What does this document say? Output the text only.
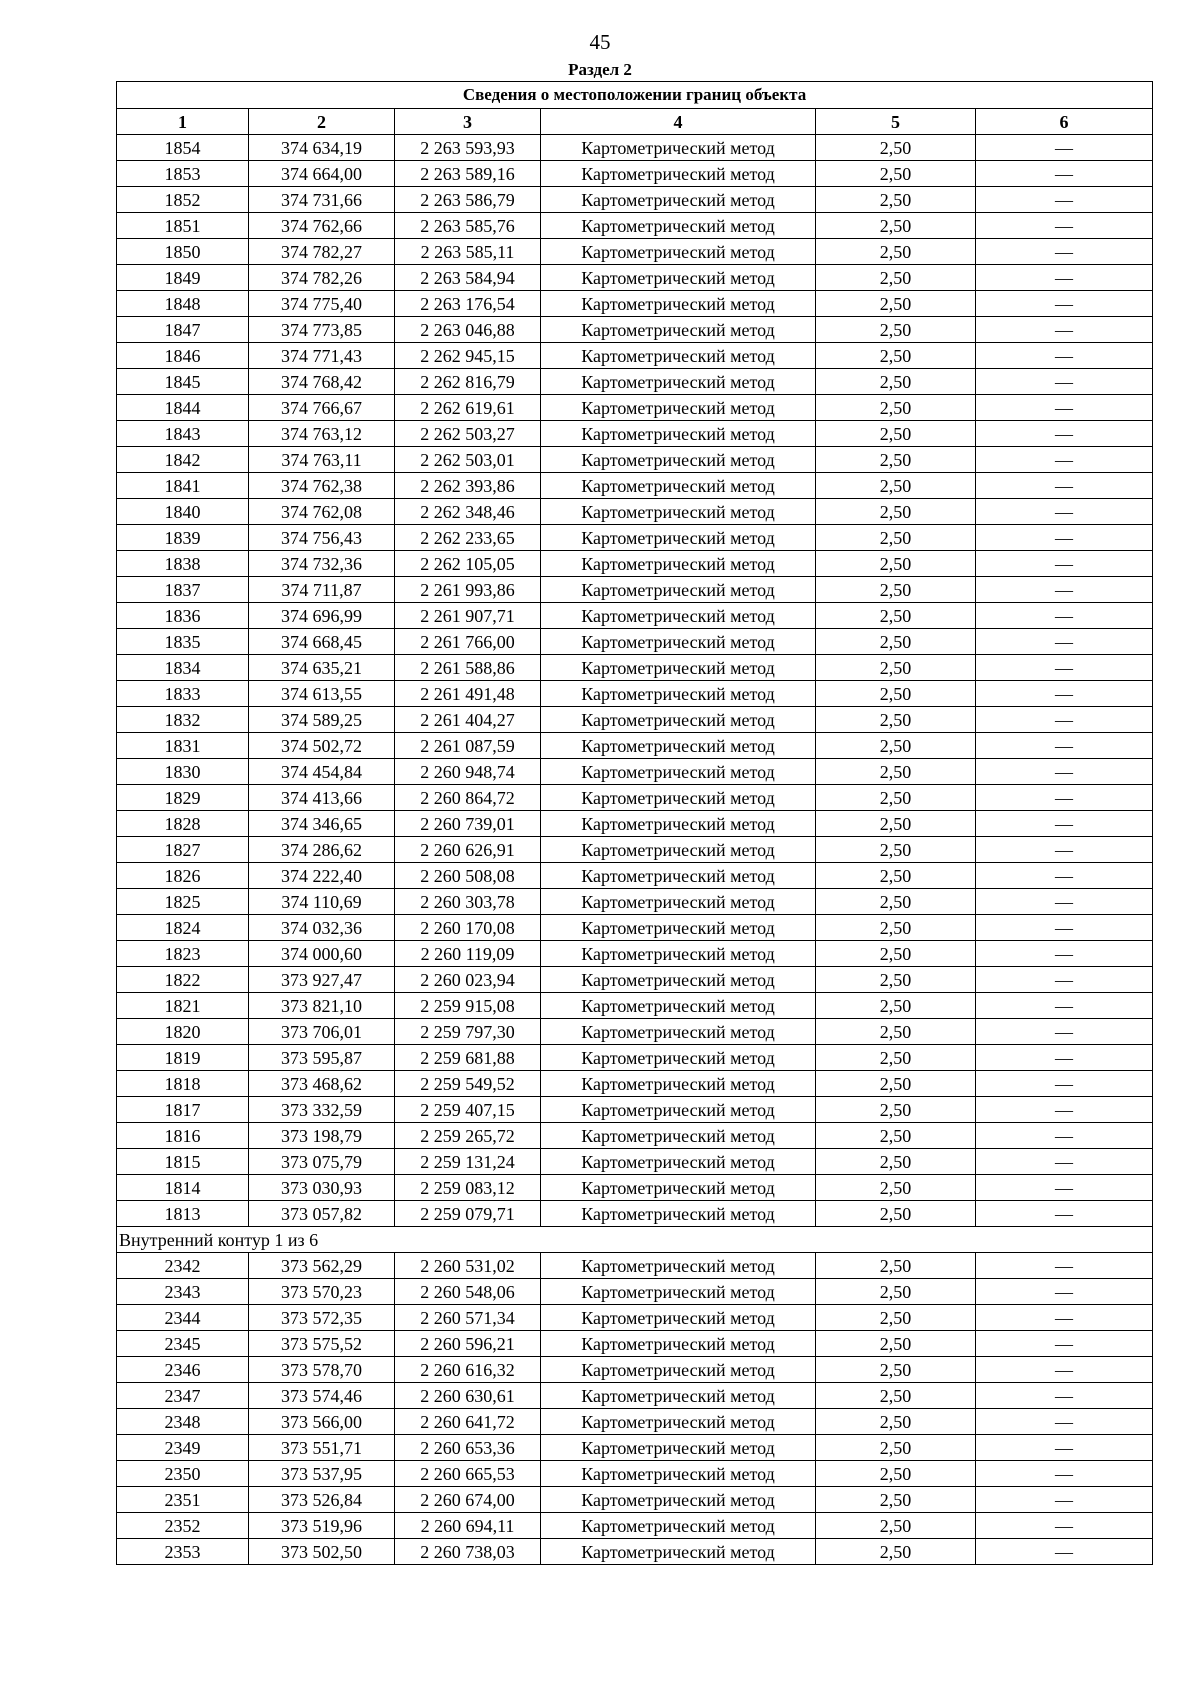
45
Раздел 2
Сведения о местоположении границ объекта					
1	2	3	4	5	6
1854	374 634,19	2 263 593,93	Картометрический метод	2,50	—
1853	374 664,00	2 263 589,16	Картометрический метод	2,50	—
1852	374 731,66	2 263 586,79	Картометрический метод	2,50	—
1851	374 762,66	2 263 585,76	Картометрический метод	2,50	—
1850	374 782,27	2 263 585,11	Картометрический метод	2,50	—
1849	374 782,26	2 263 584,94	Картометрический метод	2,50	—
1848	374 775,40	2 263 176,54	Картометрический метод	2,50	—
1847	374 773,85	2 263 046,88	Картометрический метод	2,50	—
1846	374 771,43	2 262 945,15	Картометрический метод	2,50	—
1845	374 768,42	2 262 816,79	Картометрический метод	2,50	—
1844	374 766,67	2 262 619,61	Картометрический метод	2,50	—
1843	374 763,12	2 262 503,27	Картометрический метод	2,50	—
1842	374 763,11	2 262 503,01	Картометрический метод	2,50	—
1841	374 762,38	2 262 393,86	Картометрический метод	2,50	—
1840	374 762,08	2 262 348,46	Картометрический метод	2,50	—
1839	374 756,43	2 262 233,65	Картометрический метод	2,50	—
1838	374 732,36	2 262 105,05	Картометрический метод	2,50	—
1837	374 711,87	2 261 993,86	Картометрический метод	2,50	—
1836	374 696,99	2 261 907,71	Картометрический метод	2,50	—
1835	374 668,45	2 261 766,00	Картометрический метод	2,50	—
1834	374 635,21	2 261 588,86	Картометрический метод	2,50	—
1833	374 613,55	2 261 491,48	Картометрический метод	2,50	—
1832	374 589,25	2 261 404,27	Картометрический метод	2,50	—
1831	374 502,72	2 261 087,59	Картометрический метод	2,50	—
1830	374 454,84	2 260 948,74	Картометрический метод	2,50	—
1829	374 413,66	2 260 864,72	Картометрический метод	2,50	—
1828	374 346,65	2 260 739,01	Картометрический метод	2,50	—
1827	374 286,62	2 260 626,91	Картометрический метод	2,50	—
1826	374 222,40	2 260 508,08	Картометрический метод	2,50	—
1825	374 110,69	2 260 303,78	Картометрический метод	2,50	—
1824	374 032,36	2 260 170,08	Картометрический метод	2,50	—
1823	374 000,60	2 260 119,09	Картометрический метод	2,50	—
1822	373 927,47	2 260 023,94	Картометрический метод	2,50	—
1821	373 821,10	2 259 915,08	Картометрический метод	2,50	—
1820	373 706,01	2 259 797,30	Картометрический метод	2,50	—
1819	373 595,87	2 259 681,88	Картометрический метод	2,50	—
1818	373 468,62	2 259 549,52	Картометрический метод	2,50	—
1817	373 332,59	2 259 407,15	Картометрический метод	2,50	—
1816	373 198,79	2 259 265,72	Картометрический метод	2,50	—
1815	373 075,79	2 259 131,24	Картометрический метод	2,50	—
1814	373 030,93	2 259 083,12	Картометрический метод	2,50	—
1813	373 057,82	2 259 079,71	Картометрический метод	2,50	—
Внутренний контур 1 из 6					
2342	373 562,29	2 260 531,02	Картометрический метод	2,50	—
2343	373 570,23	2 260 548,06	Картометрический метод	2,50	—
2344	373 572,35	2 260 571,34	Картометрический метод	2,50	—
2345	373 575,52	2 260 596,21	Картометрический метод	2,50	—
2346	373 578,70	2 260 616,32	Картометрический метод	2,50	—
2347	373 574,46	2 260 630,61	Картометрический метод	2,50	—
2348	373 566,00	2 260 641,72	Картометрический метод	2,50	—
2349	373 551,71	2 260 653,36	Картометрический метод	2,50	—
2350	373 537,95	2 260 665,53	Картометрический метод	2,50	—
2351	373 526,84	2 260 674,00	Картометрический метод	2,50	—
2352	373 519,96	2 260 694,11	Картометрический метод	2,50	—
2353	373 502,50	2 260 738,03	Картометрический метод	2,50	—
